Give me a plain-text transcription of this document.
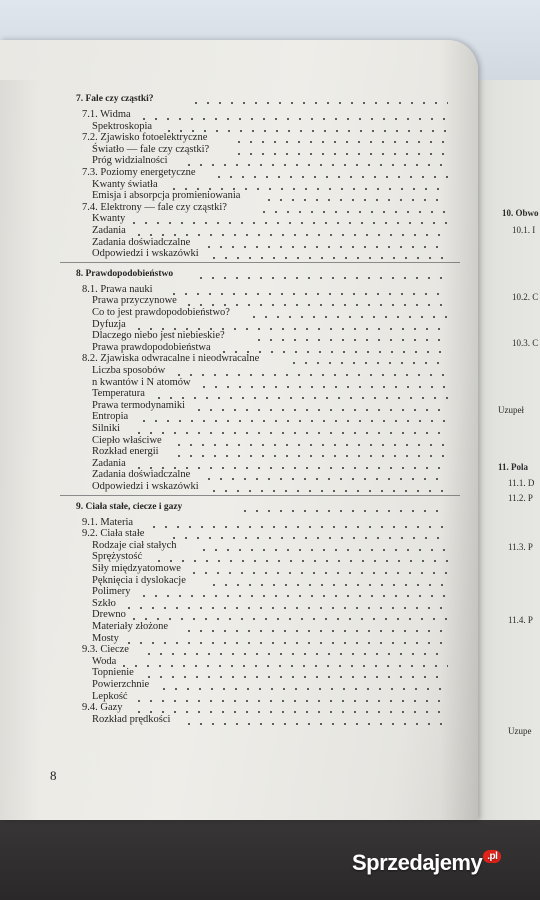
10. Obwo
10.1. I
10.2. C
10.3. C
Uzupeł
11. Pola
11.1. D
11.2. P
11.3. P
11.4. P
Uzupe
7. Fale czy cząstki?
7.1. Widma
Spektroskopia
7.2. Zjawisko fotoelektryczne
Światło — fale czy cząstki?
Próg widzialności
7.3. Poziomy energetyczne
Kwanty światła
Emisja i absorpcja promieniowania
7.4. Elektrony — fale czy cząstki?
Kwanty
Zadania
Zadania doświadczalne
Odpowiedzi i wskazówki
8. Prawdopodobieństwo
8.1. Prawa nauki
Prawa przyczynowe
Co to jest prawdopodobieństwo?
Dyfuzja
Dlaczego niebo jest niebieskie?
Prawa prawdopodobieństwa
8.2. Zjawiska odwracalne i nieodwracalne
Liczba sposobów
n kwantów i N atomów
Temperatura
Prawa termodynamiki
Entropia
Silniki
Ciepło właściwe
Rozkład energii
Zadania
Zadania doświadczalne
Odpowiedzi i wskazówki
9. Ciała stałe, ciecze i gazy
9.1. Materia
9.2. Ciała stałe
Rodzaje ciał stałych
Sprężystość
Siły międzyatomowe
Pęknięcia i dyslokacje
Polimery
Szkło
Drewno
Materiały złożone
Mosty
9.3. Ciecze
Woda
Topnienie
Powierzchnie
Lepkość
9.4. Gazy
Rozkład prędkości
8
Sprzedajemy .pl
